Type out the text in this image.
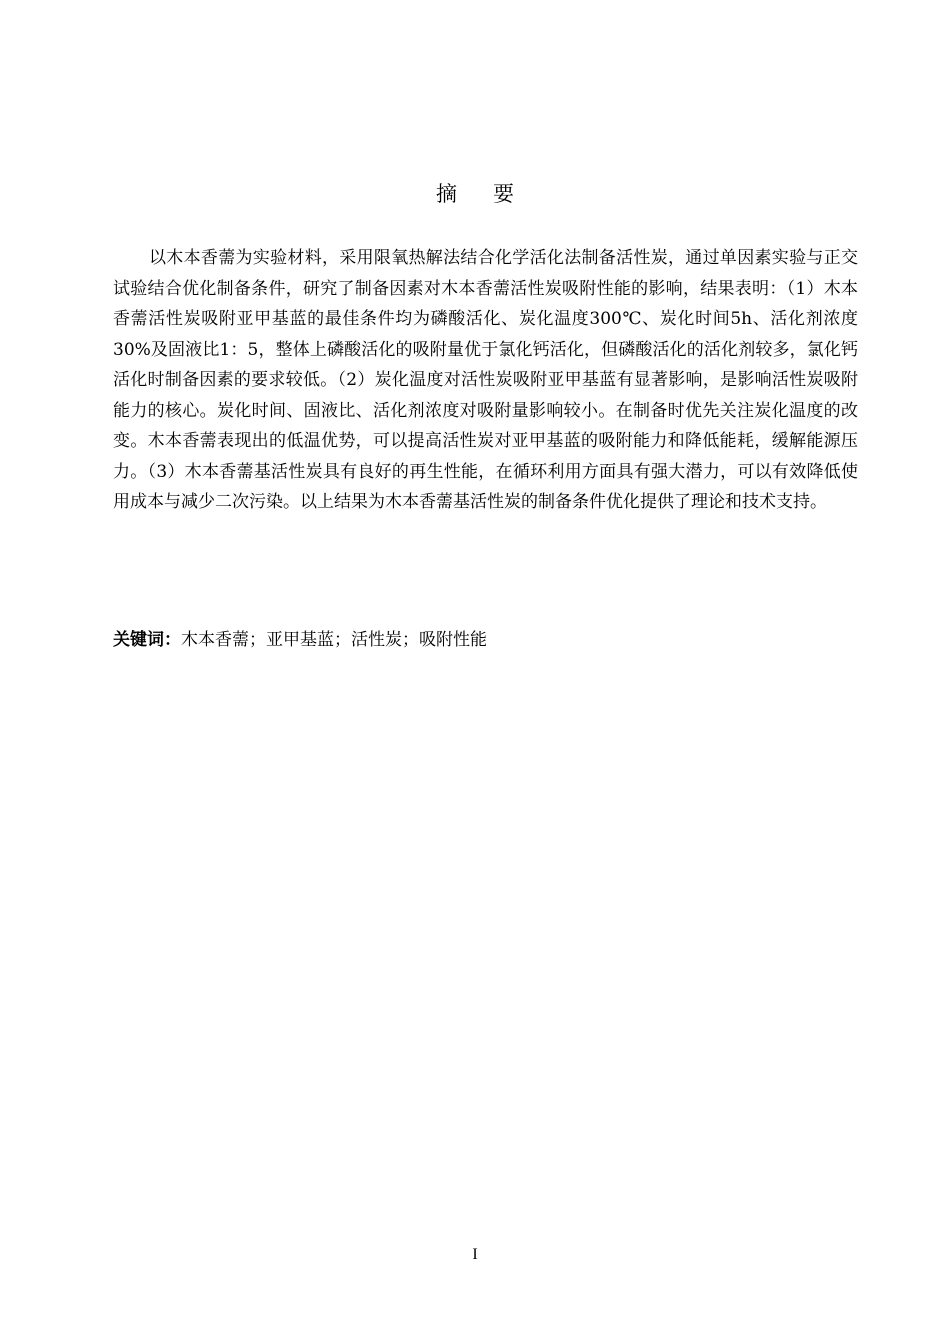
摘要

以木本香薷为实验材料，采用限氧热解法结合化学活化法制备活性炭，通过单因素实验与正交试验结合优化制备条件，研究了制备因素对木本香薷活性炭吸附性能的影响，结果表明：（1）木本香薷活性炭吸附亚甲基蓝的最佳条件均为磷酸活化、炭化温度300℃、炭化时间5h、活化剂浓度30%及固液比1：5，整体上磷酸活化的吸附量优于氯化钙活化，但磷酸活化的活化剂较多，氯化钙活化时制备因素的要求较低。（2）炭化温度对活性炭吸附亚甲基蓝有显著影响，是影响活性炭吸附能力的核心。炭化时间、固液比、活化剂浓度对吸附量影响较小。在制备时优先关注炭化温度的改变。木本香薷表现出的低温优势，可以提高活性炭对亚甲基蓝的吸附能力和降低能耗，缓解能源压力。（3）木本香薷基活性炭具有良好的再生性能，在循环利用方面具有强大潜力，可以有效降低使用成本与减少二次污染。以上结果为木本香薷基活性炭的制备条件优化提供了理论和技术支持。

关键词：木本香薷；亚甲基蓝；活性炭；吸附性能

I
